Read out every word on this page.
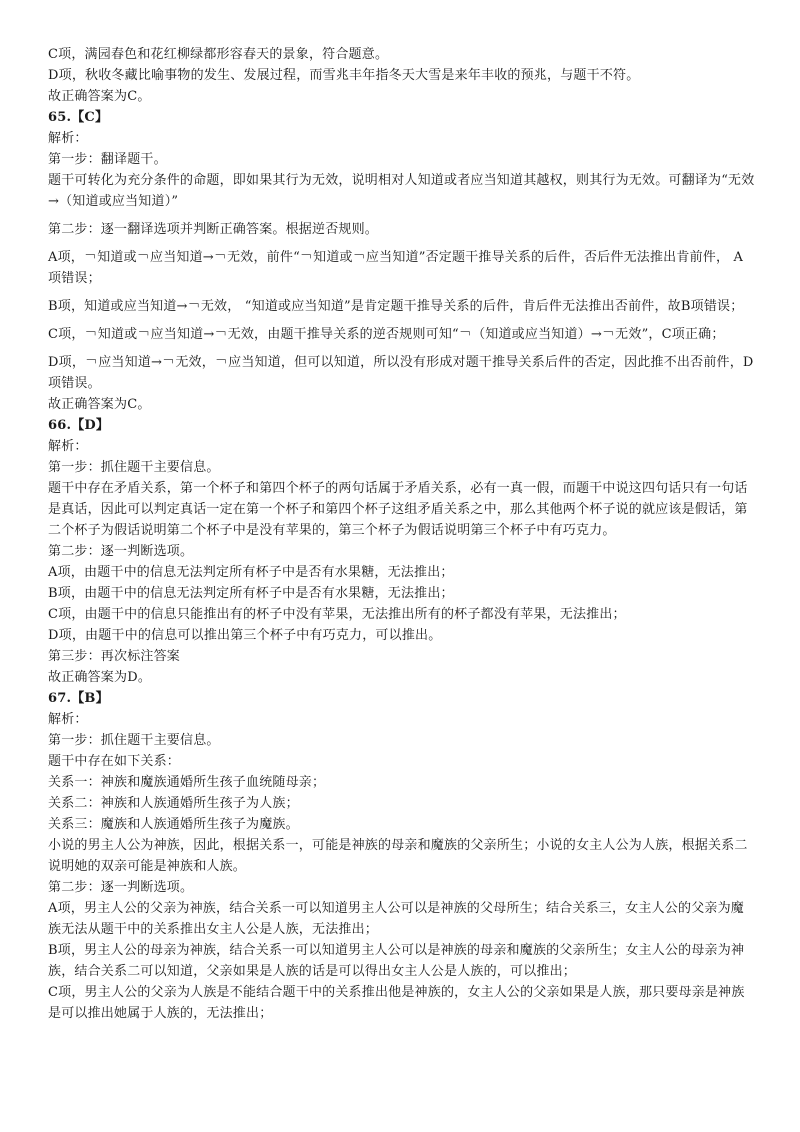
C项，满园春色和花红柳绿都形容春天的景象，符合题意。

D项，秋收冬藏比喻事物的发生、发展过程，而雪兆丰年指冬天大雪是来年丰收的预兆，与题干不符。

故正确答案为C。

65.【C】

解析：

第一步：翻译题干。

题干可转化为充分条件的命题，即如果其行为无效，说明相对人知道或者应当知道其越权，则其行为无效。可翻译为“无效→（知道或应当知道）”

第二步：逐一翻译选项并判断正确答案。根据逆否规则。

A项，￢知道或￢应当知道→￢无效，前件“￢知道或￢应当知道”否定题干推导关系的后件，否后件无法推出肯前件， A项错误；

B项，知道或应当知道→￢无效， “知道或应当知道”是肯定题干推导关系的后件，肯后件无法推出否前件，故B项错误；

C项，￢知道或￢应当知道→￢无效，由题干推导关系的逆否规则可知“￢（知道或应当知道）→￢无效”，C项正确；

D项，￢应当知道→￢无效，￢应当知道，但可以知道，所以没有形成对题干推导关系后件的否定，因此推不出否前件，D项错误。

故正确答案为C。

66.【D】

解析：

第一步：抓住题干主要信息。

题干中存在矛盾关系，第一个杯子和第四个杯子的两句话属于矛盾关系，必有一真一假，而题干中说这四句话只有一句话是真话，因此可以判定真话一定在第一个杯子和第四个杯子这组矛盾关系之中，那么其他两个杯子说的就应该是假话，第二个杯子为假话说明第二个杯子中是没有苹果的，第三个杯子为假话说明第三个杯子中有巧克力。

第二步：逐一判断选项。

A项，由题干中的信息无法判定所有杯子中是否有水果糖，无法推出；

B项，由题干中的信息无法判定所有杯子中是否有水果糖，无法推出；

C项，由题干中的信息只能推出有的杯子中没有苹果，无法推出所有的杯子都没有苹果，无法推出；

D项，由题干中的信息可以推出第三个杯子中有巧克力，可以推出。

第三步：再次标注答案

故正确答案为D。

67.【B】

解析：

第一步：抓住题干主要信息。

题干中存在如下关系：

关系一：神族和魔族通婚所生孩子血统随母亲；

关系二：神族和人族通婚所生孩子为人族；

关系三：魔族和人族通婚所生孩子为魔族。

小说的男主人公为神族，因此，根据关系一，可能是神族的母亲和魔族的父亲所生；小说的女主人公为人族，根据关系二说明她的双亲可能是神族和人族。

第二步：逐一判断选项。

A项，男主人公的父亲为神族，结合关系一可以知道男主人公可以是神族的父母所生；结合关系三，女主人公的父亲为魔族无法从题干中的关系推出女主人公是人族，无法推出；

B项，男主人公的母亲为神族，结合关系一可以知道男主人公可以是神族的母亲和魔族的父亲所生；女主人公的母亲为神族，结合关系二可以知道，父亲如果是人族的话是可以得出女主人公是人族的，可以推出；

C项，男主人公的父亲为人族是不能结合题干中的关系推出他是神族的，女主人公的父亲如果是人族，那只要母亲是神族是可以推出她属于人族的，无法推出；
